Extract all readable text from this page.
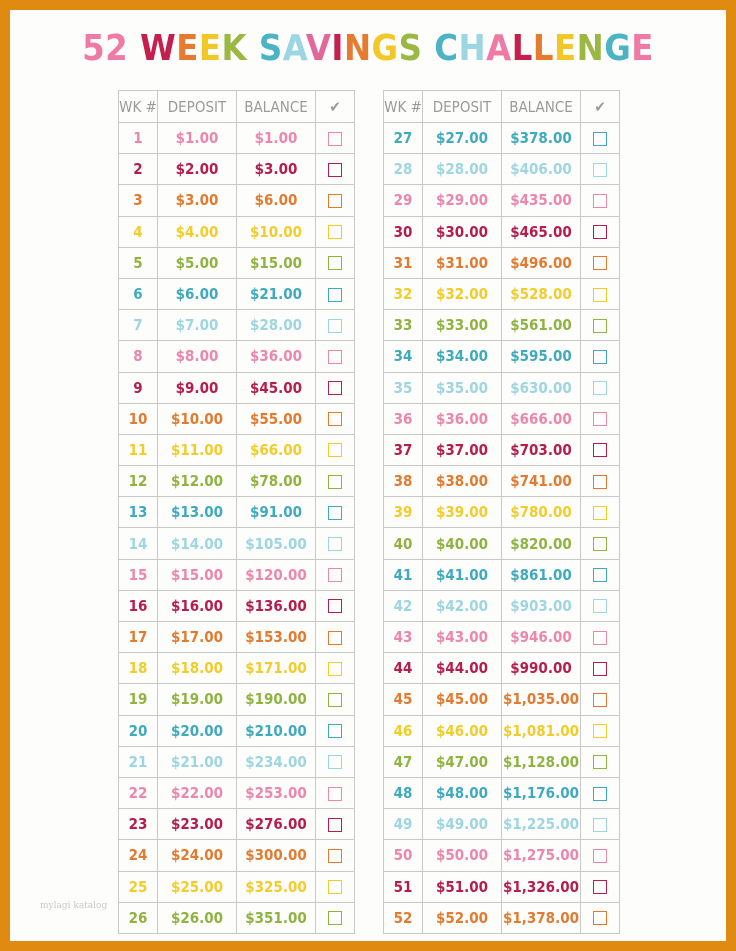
52 WEEK SAVINGS CHALLENGE
WK #	DEPOSIT	BALANCE	✔
1	$1.00	$1.00	
2	$2.00	$3.00	
3	$3.00	$6.00	
4	$4.00	$10.00	
5	$5.00	$15.00	
6	$6.00	$21.00	
7	$7.00	$28.00	
8	$8.00	$36.00	
9	$9.00	$45.00	
10	$10.00	$55.00	
11	$11.00	$66.00	
12	$12.00	$78.00	
13	$13.00	$91.00	
14	$14.00	$105.00	
15	$15.00	$120.00	
16	$16.00	$136.00	
17	$17.00	$153.00	
18	$18.00	$171.00	
19	$19.00	$190.00	
20	$20.00	$210.00	
21	$21.00	$234.00	
22	$22.00	$253.00	
23	$23.00	$276.00	
24	$24.00	$300.00	
25	$25.00	$325.00	
26	$26.00	$351.00	
WK #	DEPOSIT	BALANCE	✔
27	$27.00	$378.00	
28	$28.00	$406.00	
29	$29.00	$435.00	
30	$30.00	$465.00	
31	$31.00	$496.00	
32	$32.00	$528.00	
33	$33.00	$561.00	
34	$34.00	$595.00	
35	$35.00	$630.00	
36	$36.00	$666.00	
37	$37.00	$703.00	
38	$38.00	$741.00	
39	$39.00	$780.00	
40	$40.00	$820.00	
41	$41.00	$861.00	
42	$42.00	$903.00	
43	$43.00	$946.00	
44	$44.00	$990.00	
45	$45.00	$1,035.00	
46	$46.00	$1,081.00	
47	$47.00	$1,128.00	
48	$48.00	$1,176.00	
49	$49.00	$1,225.00	
50	$50.00	$1,275.00	
51	$51.00	$1,326.00	
52	$52.00	$1,378.00	
mylagi katalog
